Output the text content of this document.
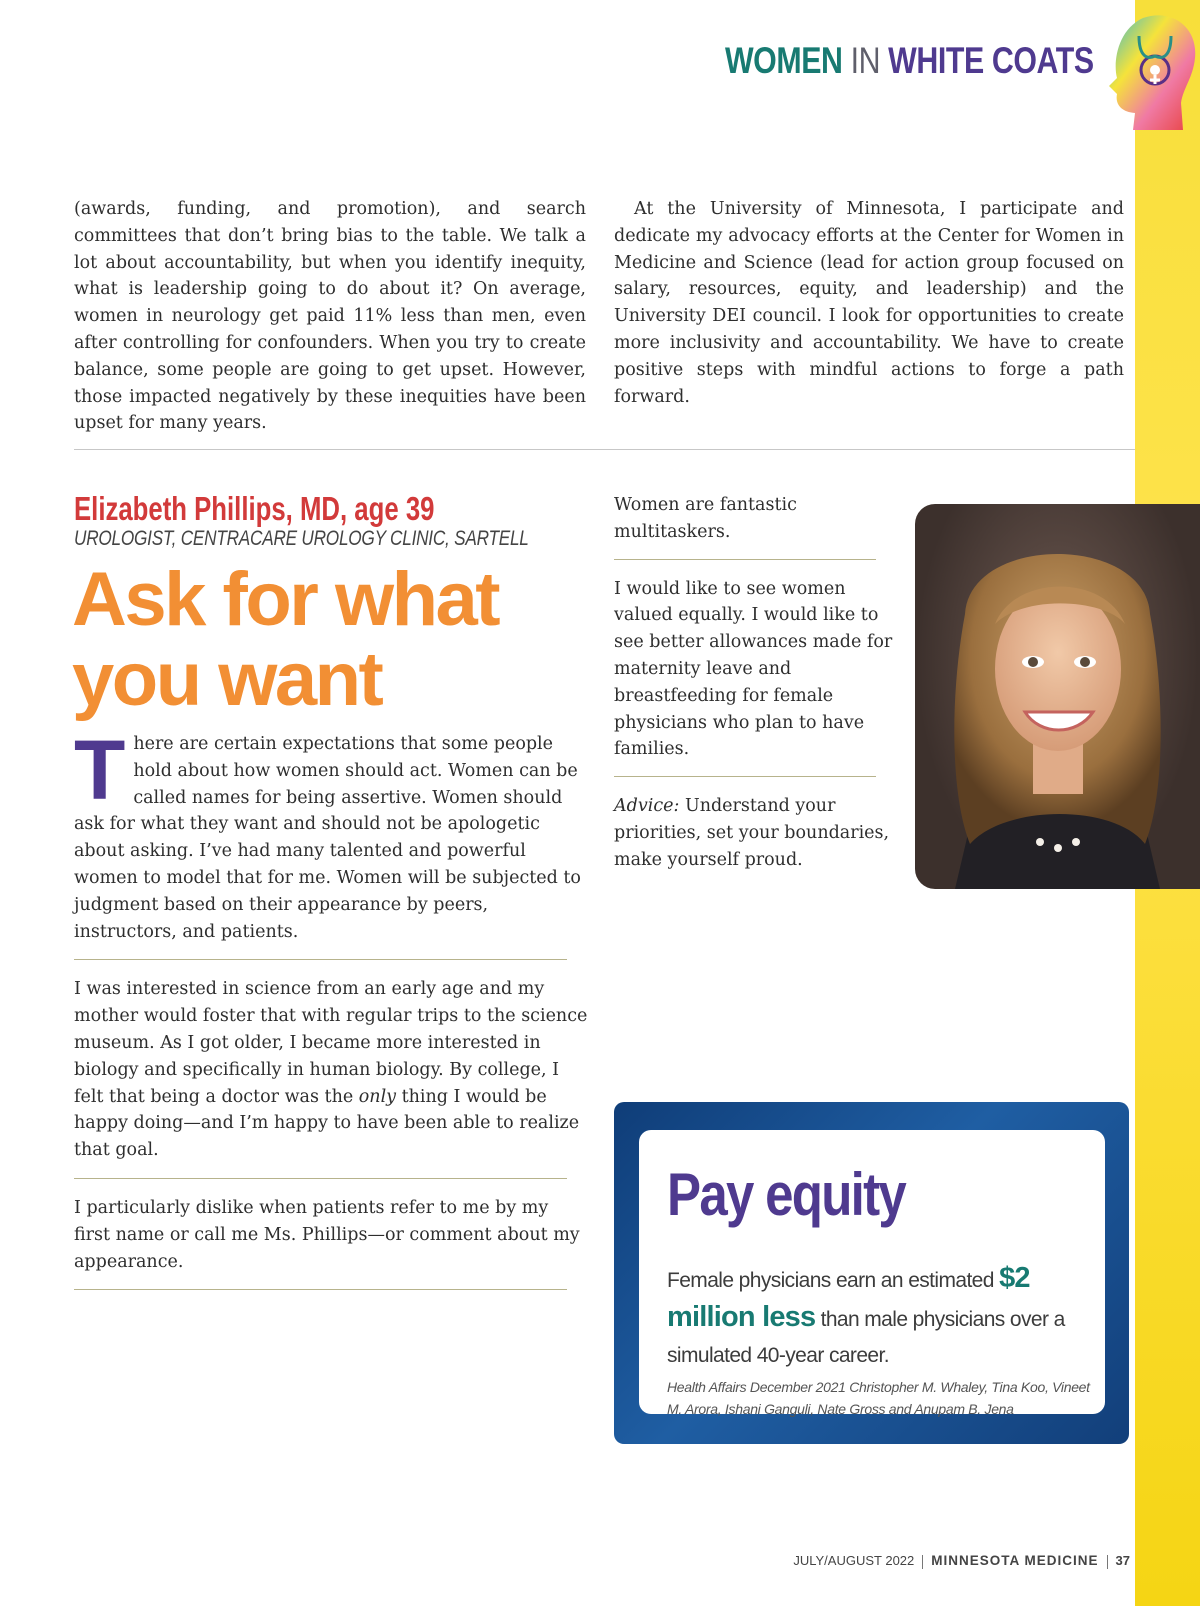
WOMEN IN WHITE COATS

(awards, funding, and promotion), and search committees that don’t bring bias to the table. We talk a lot about accountability, but when you identify inequity, what is leadership going to do about it? On average, women in neurology get paid 11% less than men, even after controlling for confounders. When you try to create balance, some people are going to get upset. However, those impacted negatively by these inequities have been upset for many years.

At the University of Minnesota, I participate and dedicate my advocacy efforts at the Center for Women in Medicine and Science (lead for action group focused on salary, resources, equity, and leadership) and the University DEI council. I look for opportunities to create more inclusivity and accountability. We have to create positive steps with mindful actions to forge a path forward.

Elizabeth Phillips, MD, age 39
UROLOGIST, CENTRACARE UROLOGY CLINIC, SARTELL
Ask for what you want

There are certain expectations that some people hold about how women should act. Women can be called names for being assertive. Women should ask for what they want and should not be apologetic about asking. I’ve had many talented and powerful women to model that for me. Women will be subjected to judgment based on their appearance by peers, instructors, and patients.

I was interested in science from an early age and my mother would foster that with regular trips to the science museum. As I got older, I became more interested in biology and specifically in human biology. By college, I felt that being a doctor was the only thing I would be happy doing—and I’m happy to have been able to realize that goal.

I particularly dislike when patients refer to me by my first name or call me Ms. Phillips—or comment about my appearance.

Women are fantastic multitaskers.

I would like to see women valued equally. I would like to see better allowances made for maternity leave and breastfeeding for female physicians who plan to have families.

Advice: Understand your priorities, set your boundaries, make yourself proud.

Pay equity
Female physicians earn an estimated $2 million less than male physicians over a simulated 40-year career.
Health Affairs December 2021 Christopher M. Whaley, Tina Koo, Vineet M. Arora, Ishani Ganguli, Nate Gross and Anupam B. Jena
JULY/AUGUST 2022 MINNESOTA MEDICINE 37
